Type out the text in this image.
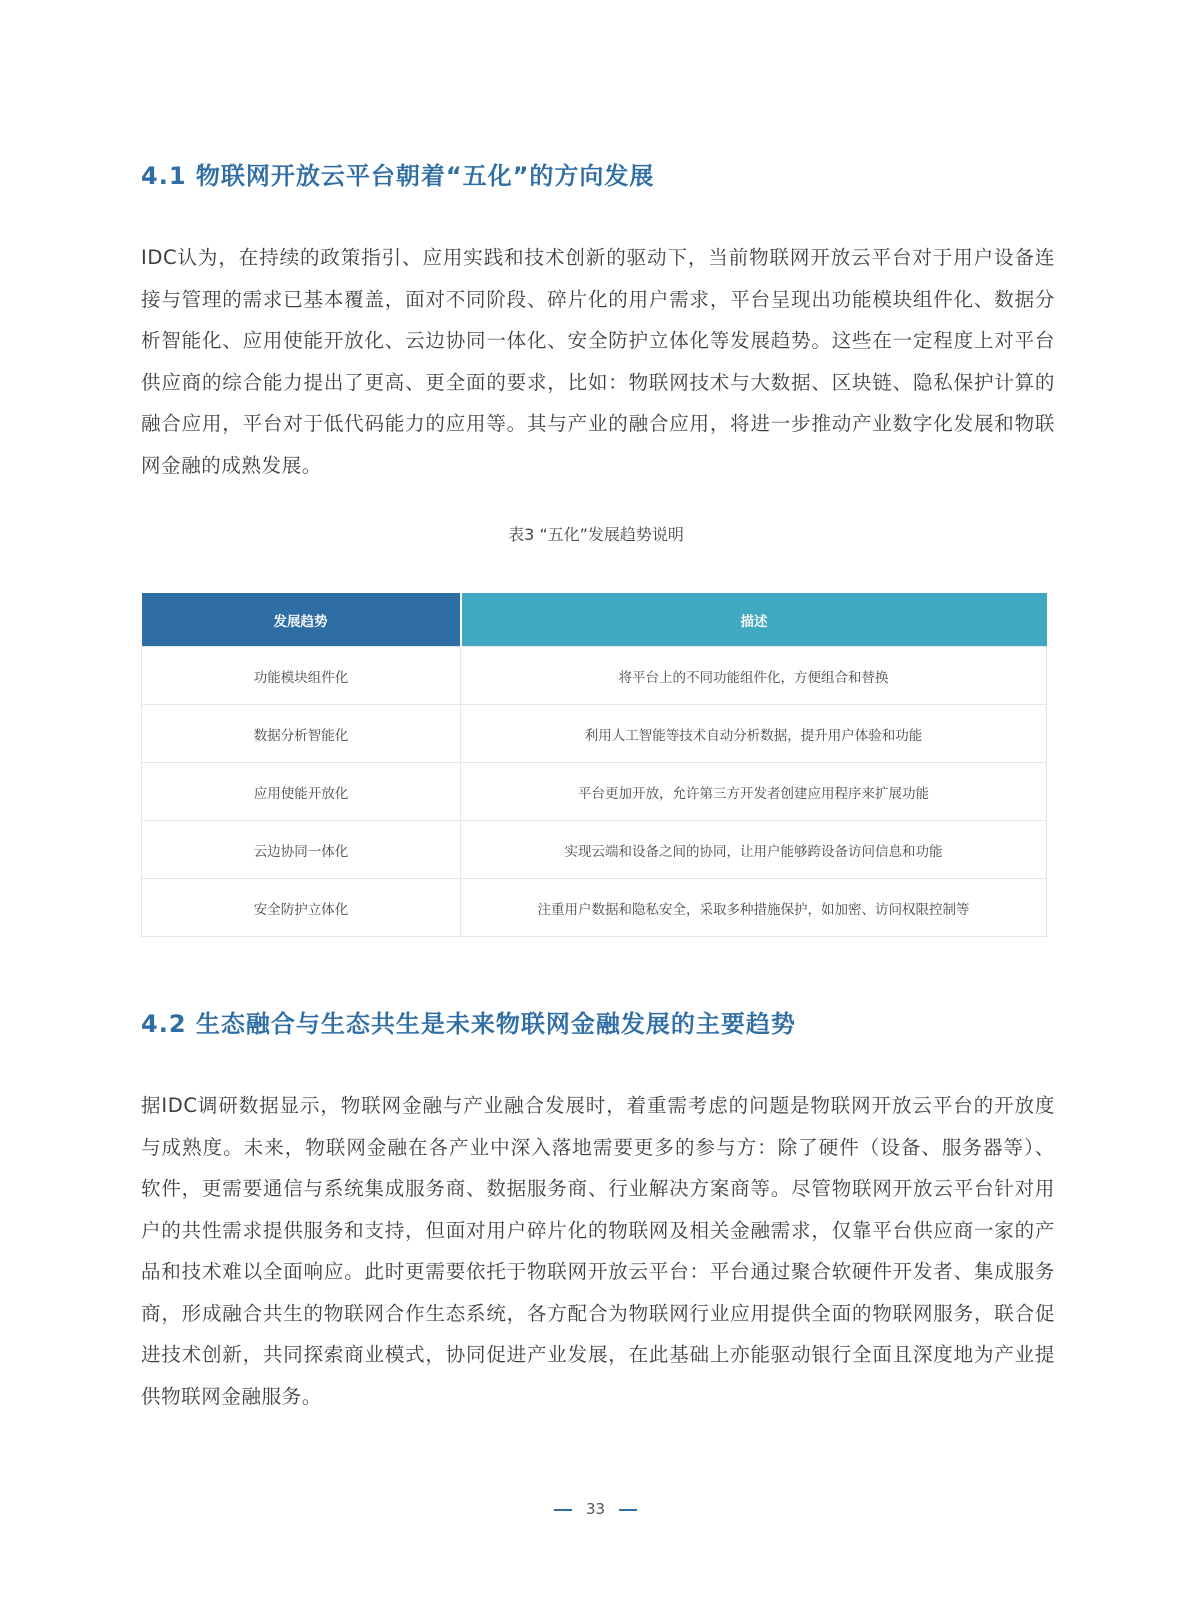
4.1 物联网开放云平台朝着“五化”的方向发展

IDC认为，在持续的政策指引、应用实践和技术创新的驱动下，当前物联网开放云平台对于用户设备连接与管理的需求已基本覆盖，面对不同阶段、碎片化的用户需求，平台呈现出功能模块组件化、数据分析智能化、应用使能开放化、云边协同一体化、安全防护立体化等发展趋势。这些在一定程度上对平台供应商的综合能力提出了更高、更全面的要求，比如：物联网技术与大数据、区块链、隐私保护计算的融合应用，平台对于低代码能力的应用等。其与产业的融合应用，将进一步推动产业数字化发展和物联网金融的成熟发展。

表3 “五化”发展趋势说明

发展趋势	描述
功能模块组件化	将平台上的不同功能组件化，方便组合和替换
数据分析智能化	利用人工智能等技术自动分析数据，提升用户体验和功能
应用使能开放化	平台更加开放，允许第三方开发者创建应用程序来扩展功能
云边协同一体化	实现云端和设备之间的协同，让用户能够跨设备访问信息和功能
安全防护立体化	注重用户数据和隐私安全，采取多种措施保护，如加密、访问权限控制等
4.2 生态融合与生态共生是未来物联网金融发展的主要趋势

据IDC调研数据显示，物联网金融与产业融合发展时，着重需考虑的问题是物联网开放云平台的开放度与成熟度。未来，物联网金融在各产业中深入落地需要更多的参与方：除了硬件（设备、服务器等）、软件，更需要通信与系统集成服务商、数据服务商、行业解决方案商等。尽管物联网开放云平台针对用户的共性需求提供服务和支持，但面对用户碎片化的物联网及相关金融需求，仅靠平台供应商一家的产品和技术难以全面响应。此时更需要依托于物联网开放云平台：平台通过聚合软硬件开发者、集成服务商，形成融合共生的物联网合作生态系统，各方配合为物联网行业应用提供全面的物联网服务，联合促进技术创新，共同探索商业模式，协同促进产业发展，在此基础上亦能驱动银行全面且深度地为产业提供物联网金融服务。

33
